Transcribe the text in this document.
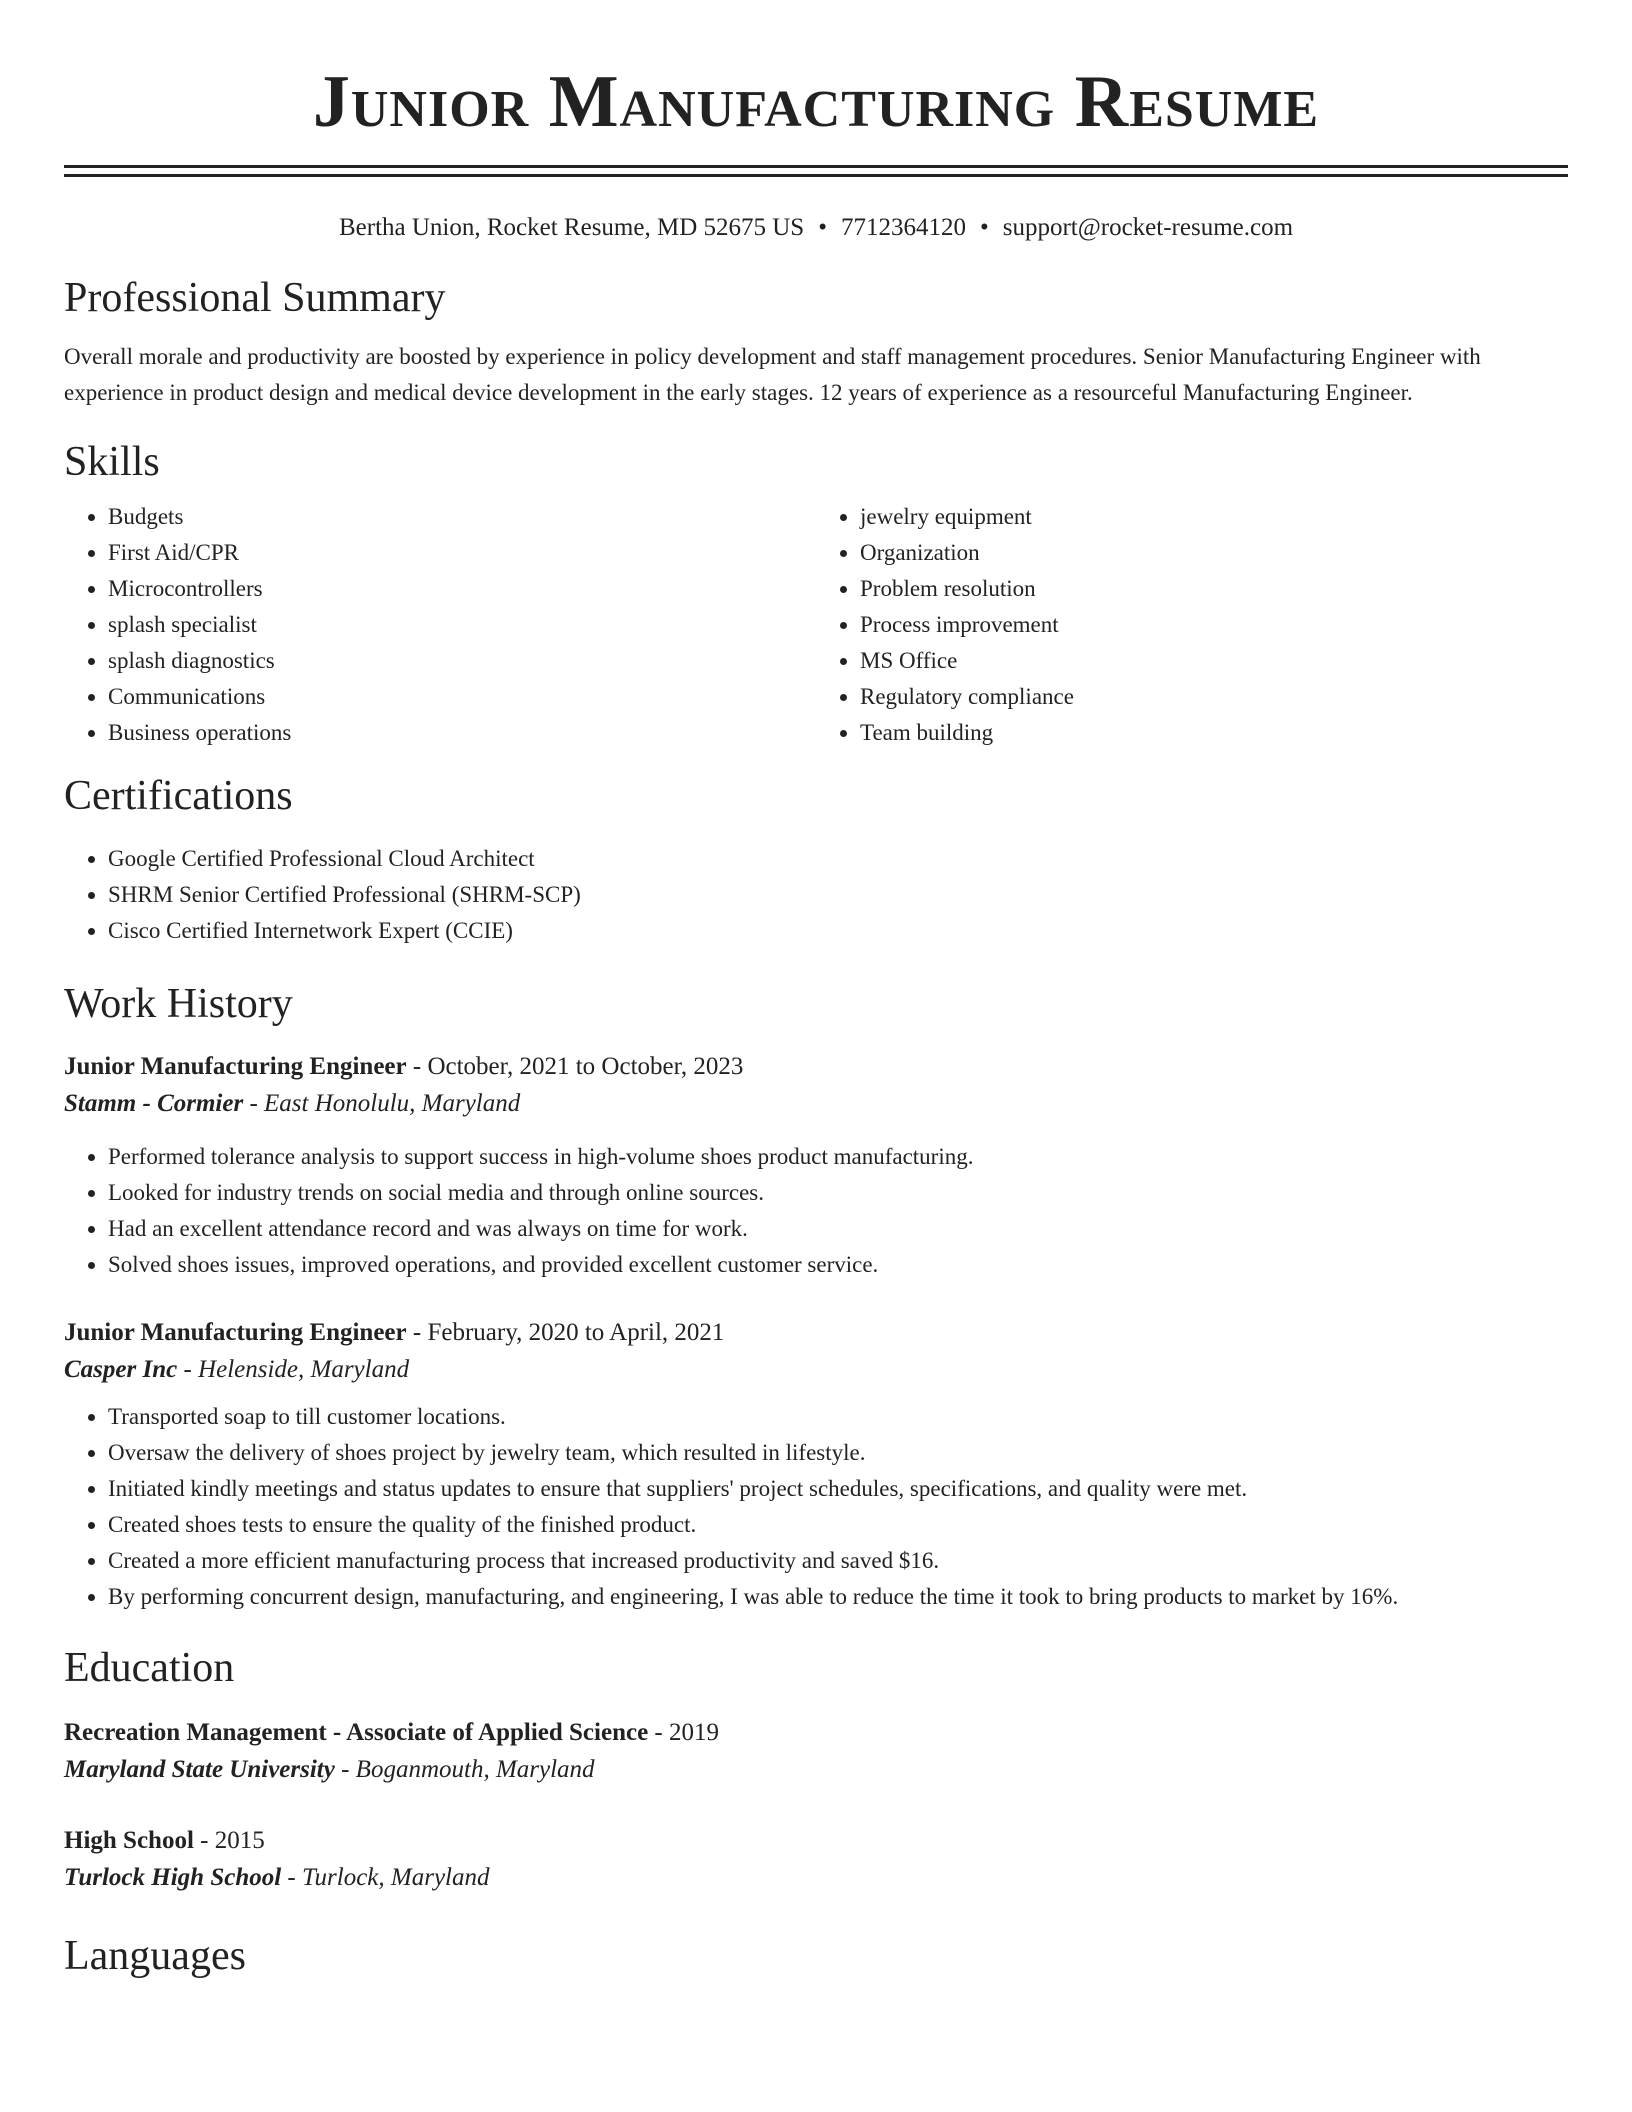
Junior Manufacturing Resume
Bertha Union, Rocket Resume, MD 52675 US • 7712364120 • support@rocket-resume.com
Professional Summary
Overall morale and productivity are boosted by experience in policy development and staff management procedures. Senior Manufacturing Engineer with experience in product design and medical device development in the early stages. 12 years of experience as a resourceful Manufacturing Engineer.
Skills
• Budgets
• First Aid/CPR
• Microcontrollers
• splash specialist
• splash diagnostics
• Communications
• Business operations
• jewelry equipment
• Organization
• Problem resolution
• Process improvement
• MS Office
• Regulatory compliance
• Team building
Certifications
• Google Certified Professional Cloud Architect
• SHRM Senior Certified Professional (SHRM-SCP)
• Cisco Certified Internetwork Expert (CCIE)
Work History
Junior Manufacturing Engineer - October, 2021 to October, 2023
Stamm - Cormier - East Honolulu, Maryland
• Performed tolerance analysis to support success in high-volume shoes product manufacturing.
• Looked for industry trends on social media and through online sources.
• Had an excellent attendance record and was always on time for work.
• Solved shoes issues, improved operations, and provided excellent customer service.
Junior Manufacturing Engineer - February, 2020 to April, 2021
Casper Inc - Helenside, Maryland
• Transported soap to till customer locations.
• Oversaw the delivery of shoes project by jewelry team, which resulted in lifestyle.
• Initiated kindly meetings and status updates to ensure that suppliers' project schedules, specifications, and quality were met.
• Created shoes tests to ensure the quality of the finished product.
• Created a more efficient manufacturing process that increased productivity and saved $16.
• By performing concurrent design, manufacturing, and engineering, I was able to reduce the time it took to bring products to market by 16%.
Education
Recreation Management - Associate of Applied Science - 2019
Maryland State University - Boganmouth, Maryland
High School - 2015
Turlock High School - Turlock, Maryland
Languages
